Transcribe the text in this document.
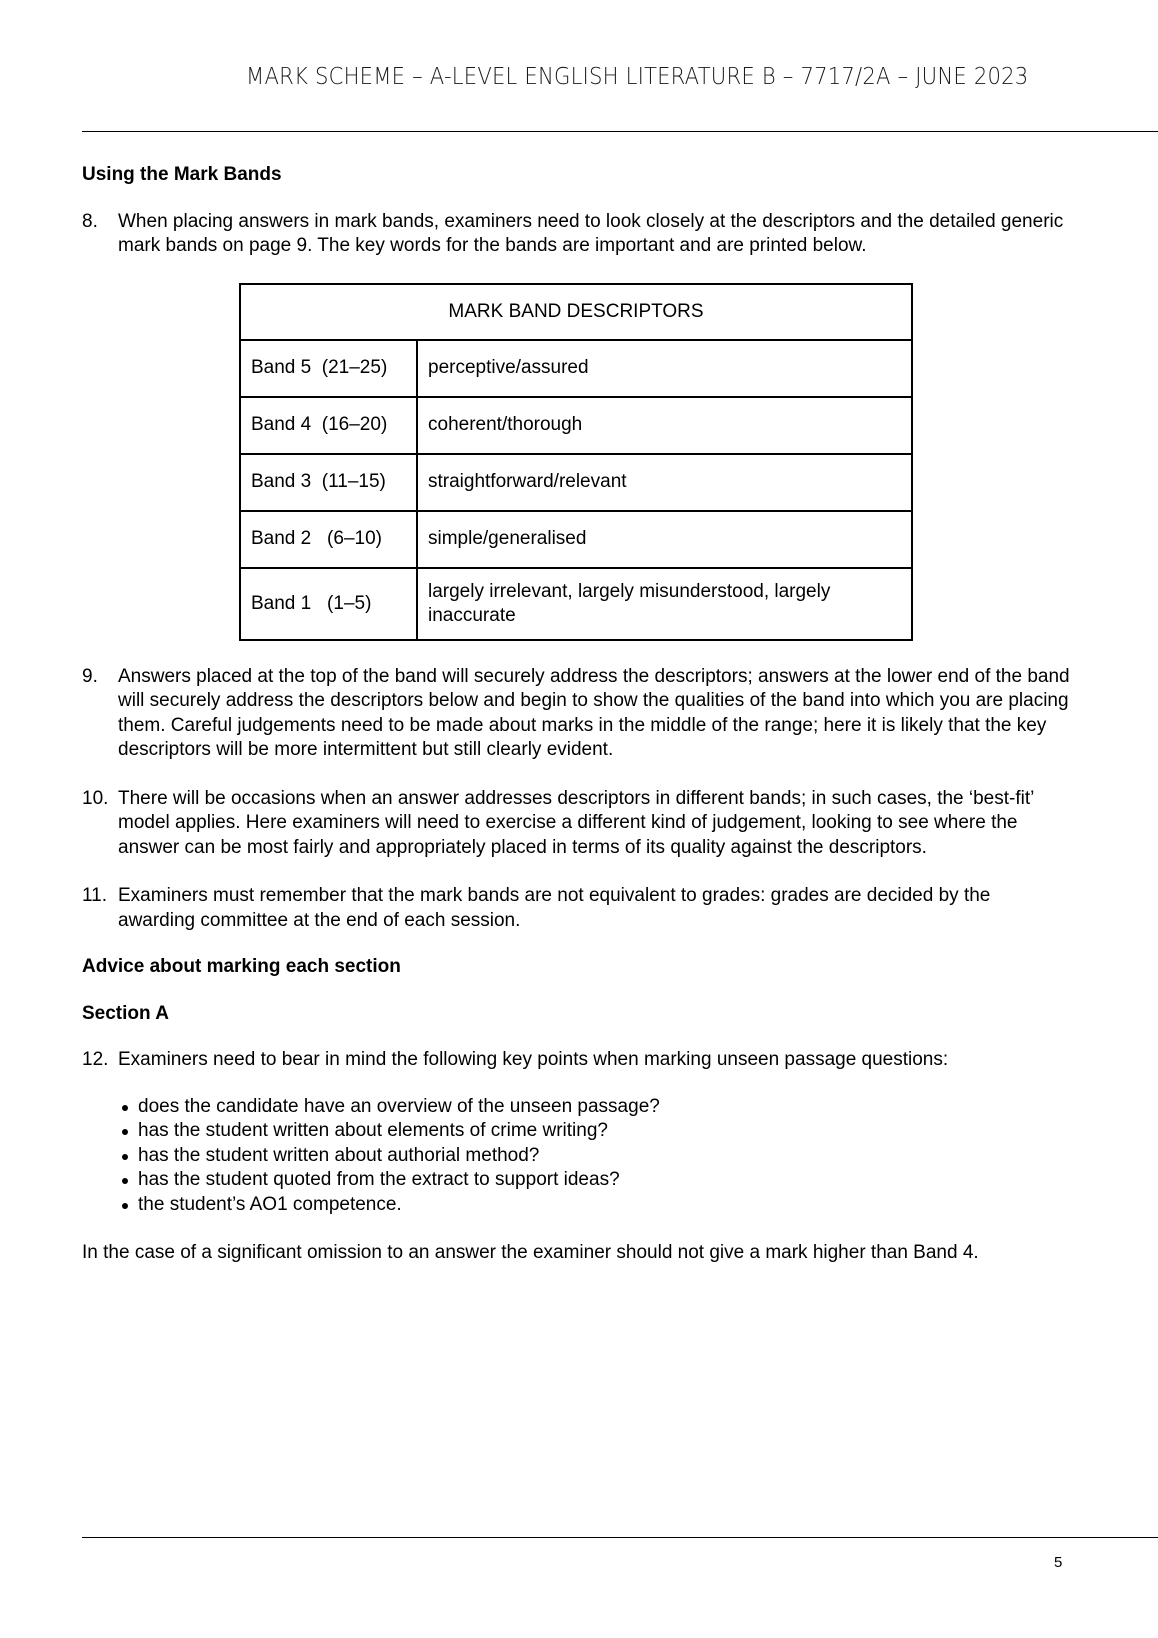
MARK SCHEME – A-LEVEL ENGLISH LITERATURE B – 7717/2A – JUNE 2023

Using the Mark Bands

8. When placing answers in mark bands, examiners need to look closely at the descriptors and the detailed generic mark bands on page 9. The key words for the bands are important and are printed below.

MARK BAND DESCRIPTORS	
Band 5  (21–25)	perceptive/assured
Band 4  (16–20)	coherent/thorough
Band 3  (11–15)	straightforward/relevant
Band 2   (6–10)	simple/generalised
Band 1   (1–5)	largely irrelevant, largely misunderstood, largely inaccurate

9. Answers placed at the top of the band will securely address the descriptors; answers at the lower end of the band will securely address the descriptors below and begin to show the qualities of the band into which you are placing them. Careful judgements need to be made about marks in the middle of the range; here it is likely that the key descriptors will be more intermittent but still clearly evident.

10. There will be occasions when an answer addresses descriptors in different bands; in such cases, the ‘best-fit’ model applies. Here examiners will need to exercise a different kind of judgement, looking to see where the answer can be most fairly and appropriately placed in terms of its quality against the descriptors.

11. Examiners must remember that the mark bands are not equivalent to grades: grades are decided by the awarding committee at the end of each session.

Advice about marking each section

Section A

12. Examiners need to bear in mind the following key points when marking unseen passage questions:

does the candidate have an overview of the unseen passage?
has the student written about elements of crime writing?
has the student written about authorial method?
has the student quoted from the extract to support ideas?
the student’s AO1 competence.

In the case of a significant omission to an answer the examiner should not give a mark higher than Band 4.

5
